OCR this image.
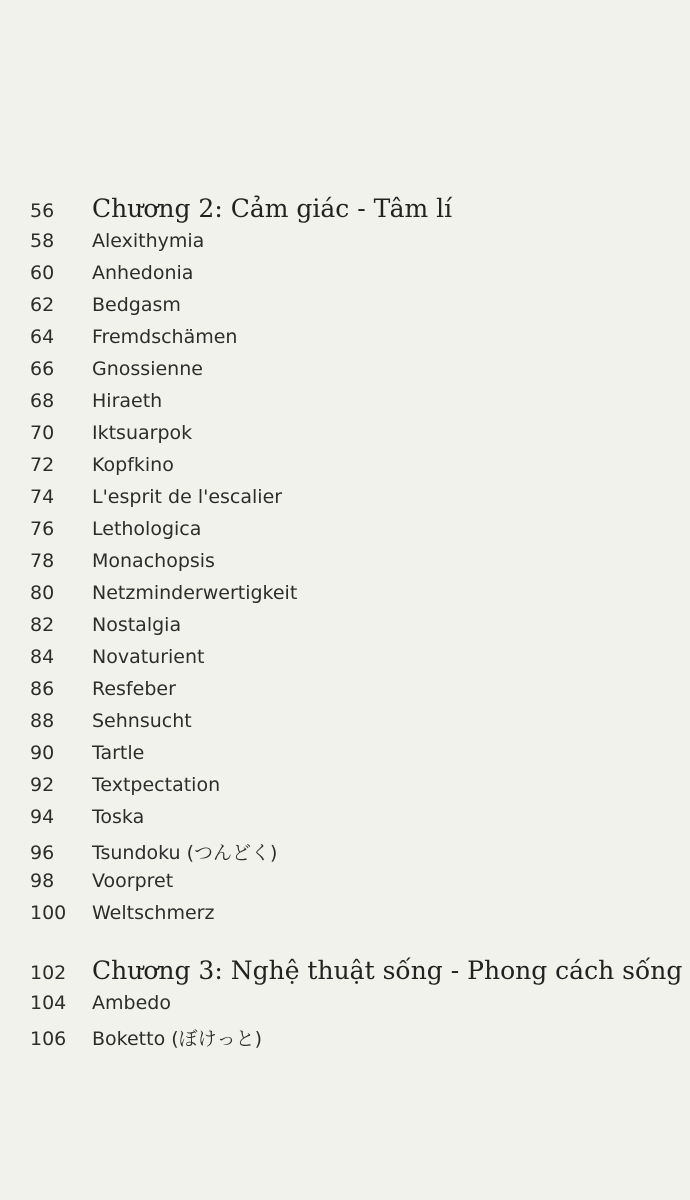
56	Chương 2: Cảm giác - Tâm lí
58	Alexithymia
60	Anhedonia
62	Bedgasm
64	Fremdschämen
66	Gnossienne
68	Hiraeth
70	Iktsuarpok
72	Kopfkino
74	L'esprit de l'escalier
76	Lethologica
78	Monachopsis
80	Netzminderwertigkeit
82	Nostalgia
84	Novaturient
86	Resfeber
88	Sehnsucht
90	Tartle
92	Textpectation
94	Toska
96	Tsundoku (つんどく)
98	Voorpret
100	Weltschmerz
102	Chương 3: Nghệ thuật sống - Phong cách sống
104	Ambedo
106	Boketto (ぼけっと)
